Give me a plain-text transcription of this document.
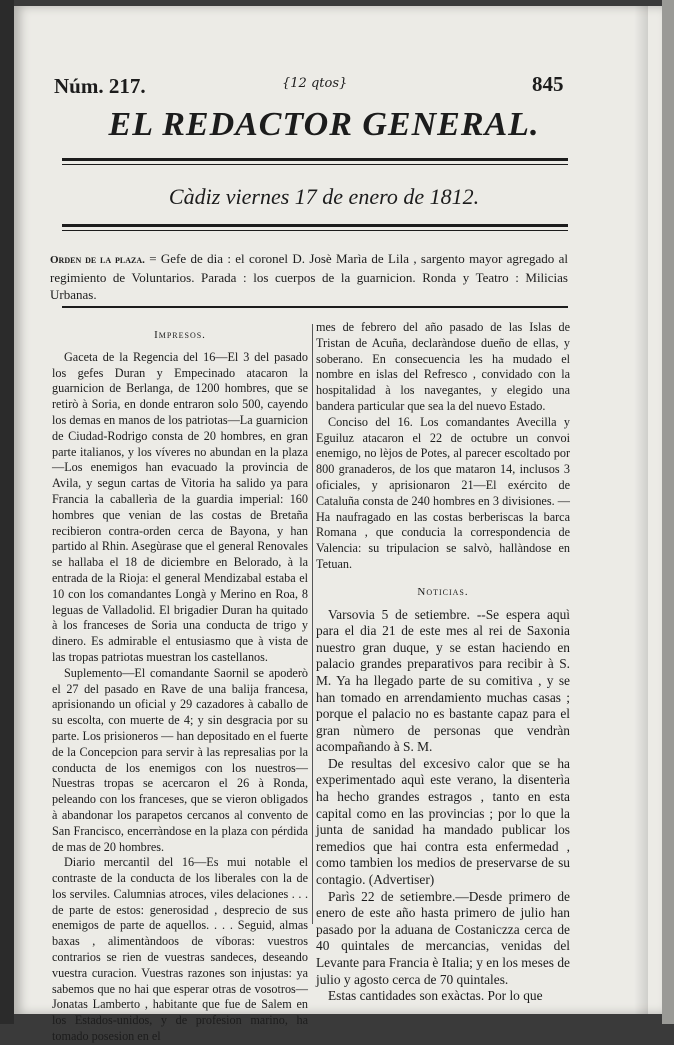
Núm. 217.	{12 qtos}	845
EL REDACTOR GENERAL.
Càdiz viernes 17 de enero de 1812.
Orden de la plaza. = Gefe de dia : el coronel D. Josè Marìa de Lila , sargento mayor agregado al regimiento de Voluntarios. Parada : los cuerpos de la guarnicion. Ronda y Teatro : Milicias Urbanas.

Impresos.

Gaceta de la Regencia del 16—El 3 del pasado los gefes Duran y Empecinado atacaron la guarnicion de Berlanga, de 1200 hombres, que se retirò à Soria, en donde entraron solo 500, cayendo los demas en manos de los patriotas—La guarnicion de Ciudad-Rodrigo consta de 20 hombres, en gran parte italianos, y los víveres no abundan en la plaza—Los enemigos han evacuado la provincia de Avila, y segun cartas de Vitoria ha salido ya para Francia la caballerìa de la guardia imperial: 160 hombres que venian de las costas de Bretaña recibieron contra-orden cerca de Bayona, y han partido al Rhin. Asegùrase que el general Renovales se hallaba el 18 de diciembre en Belorado, à la entrada de la Rioja: el general Mendizabal estaba el 10 con los comandantes Longà y Merino en Roa, 8 leguas de Valladolid. El brigadier Duran ha quitado à los franceses de Soria una conducta de trigo y dinero. Es admirable el entusiasmo que à vista de las tropas patriotas muestran los castellanos.

Suplemento—El comandante Saornil se apoderò el 27 del pasado en Rave de una balija francesa, aprisionando un oficial y 29 cazadores à caballo de su escolta, con muerte de 4; y sin desgracia por su parte. Los prisioneros — han depositado en el fuerte de la Concepcion para servir à las represalias por la conducta de los enemigos con los nuestros—Nuestras tropas se acercaron el 26 à Ronda, peleando con los franceses, que se vieron obligados à abandonar los parapetos cercanos al convento de San Francisco, encerràndose en la plaza con pérdida de mas de 20 hombres.

Diario mercantil del 16—Es mui notable el contraste de la conducta de los liberales con la de los serviles. Calumnias atroces, viles delaciones . . . de parte de estos: generosidad , desprecio de sus enemigos de parte de aquellos. . . . Seguid, almas baxas , alimentàndoos de víboras: vuestros contrarios se rien de vuestras sandeces, deseando vuestra curacion. Vuestras razones son injustas: ya sabemos que no hai que esperar otras de vosotros—Jonatas Lamberto , habitante que fue de Salem en los Estados-unidos, y de profesion marino, ha tomado posesion en el

mes de febrero del año pasado de las Islas de Tristan de Acuña, declaràndose dueño de ellas, y soberano. En consecuencia les ha mudado el nombre en islas del Refresco , convidado con la hospitalidad à los navegantes, y elegido una bandera particular que sea la del nuevo Estado.

Conciso del 16. Los comandantes Avecilla y Eguiluz atacaron el 22 de octubre un convoi enemigo, no lèjos de Potes, al parecer escoltado por 800 granaderos, de los que mataron 14, inclusos 3 oficiales, y aprisionaron 21—El exército de Cataluña consta de 240 hombres en 3 divisiones. —Ha naufragado en las costas berberiscas la barca Romana , que conducia la correspondencia de Valencia: su tripulacion se salvò, hallàndose en Tetuan.

Noticias.

Varsovia 5 de setiembre. --Se espera aquì para el dia 21 de este mes al rei de Saxonia nuestro gran duque, y se estan haciendo en palacio grandes preparativos para recibir à S. M. Ya ha llegado parte de su comitiva , y se han tomado en arrendamiento muchas casas ; porque el palacio no es bastante capaz para el gran nùmero de personas que vendràn acompañando à S. M.

De resultas del excesivo calor que se ha experimentado aquì este verano, la disenterìa ha hecho grandes estragos , tanto en esta capital como en las provincias ; por lo que la junta de sanidad ha mandado publicar los remedios que hai contra esta enfermedad , como tambien los medios de preservarse de su contagio. (Advertiser)

Parìs 22 de setiembre.—Desde primero de enero de este año hasta primero de julio han pasado por la aduana de Costaniczza cerca de 40 quintales de mercancias, venidas del Levante para Francia è Italia; y en los meses de julio y agosto cerca de 70 quintales.

Estas cantidades son exàctas. Por lo que
